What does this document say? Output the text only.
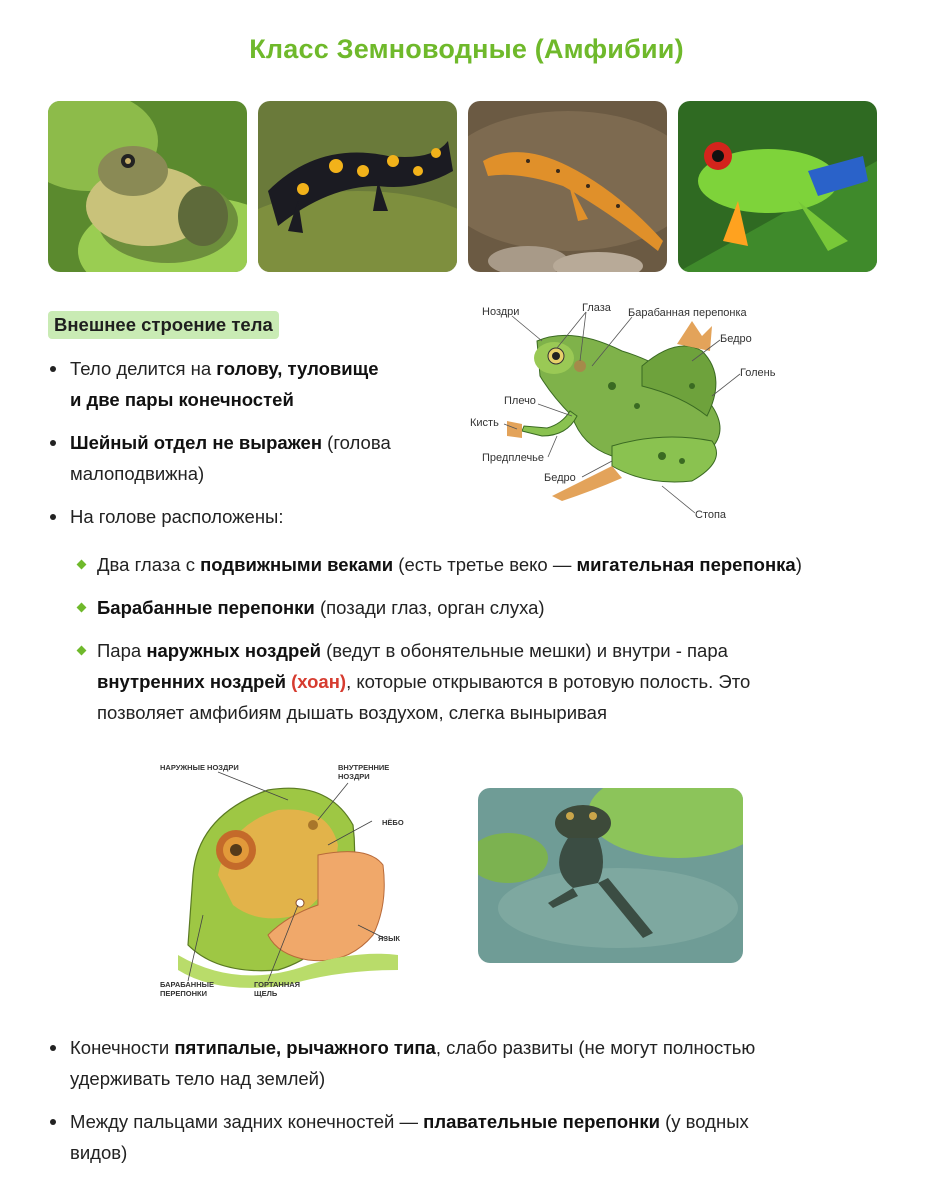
Класс Земноводные (Амфибии)
Внешнее строение тела
Тело делится на голову, туловище
и две пары конечностей
Шейный отдел не выражен (голова
малоподвижна)
На голове расположены:
Два глаза с подвижными веками (есть третье веко — мигательная перепонка)
Барабанные перепонки (позади глаз, орган слуха)
Пара наружных ноздрей (ведут в обонятельные мешки) и внутри - пара
внутренних ноздрей (хоан), которые открываются в ротовую полость. Это
позволяет амфибиям дышать воздухом, слегка выныривая
Ноздри	Глаза Барабанная перепонка
Бедро
Голень
Плечо
Кисть
Предплечье
Бедро
Стопа
НАРУЖНЫЕ НОЗДРИ	ВНУТРЕННИЕ
НОЗДРИ
НЁБО
ЯЗЫК
БАРАБАННЫЕ
ПЕРЕПОНКИ
ГОРТАННАЯ
ЩЕЛЬ
Конечности пятипалые, рычажного типа, слабо развиты (не могут полностью
удерживать тело над землей)
Между пальцами задних конечностей — плавательные перепонки (у водных
видов)
